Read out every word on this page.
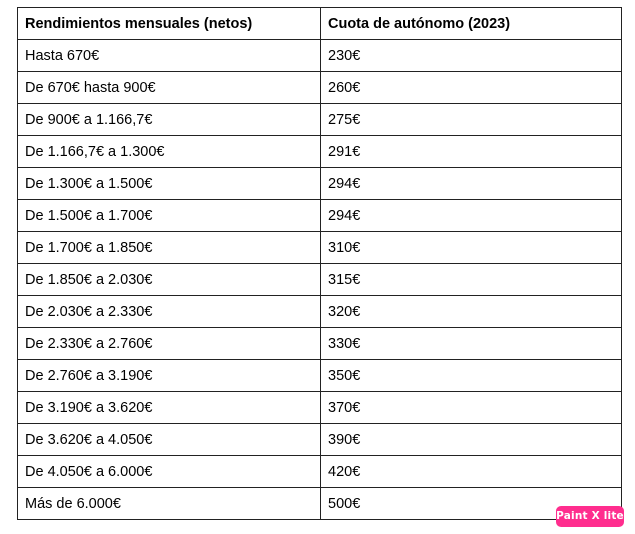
Rendimientos mensuales (netos)	Cuota de autónomo (2023)
Hasta 670€	230€
De 670€ hasta 900€	260€
De 900€ a 1.166,7€	275€
De 1.166,7€ a 1.300€	291€
De 1.300€ a 1.500€	294€
De 1.500€ a 1.700€	294€
De 1.700€ a 1.850€	310€
De 1.850€ a 2.030€	315€
De 2.030€ a 2.330€	320€
De 2.330€ a 2.760€	330€
De 2.760€ a 3.190€	350€
De 3.190€ a 3.620€	370€
De 3.620€ a 4.050€	390€
De 4.050€ a 6.000€	420€
Más de 6.000€	500€
Paint X lite
